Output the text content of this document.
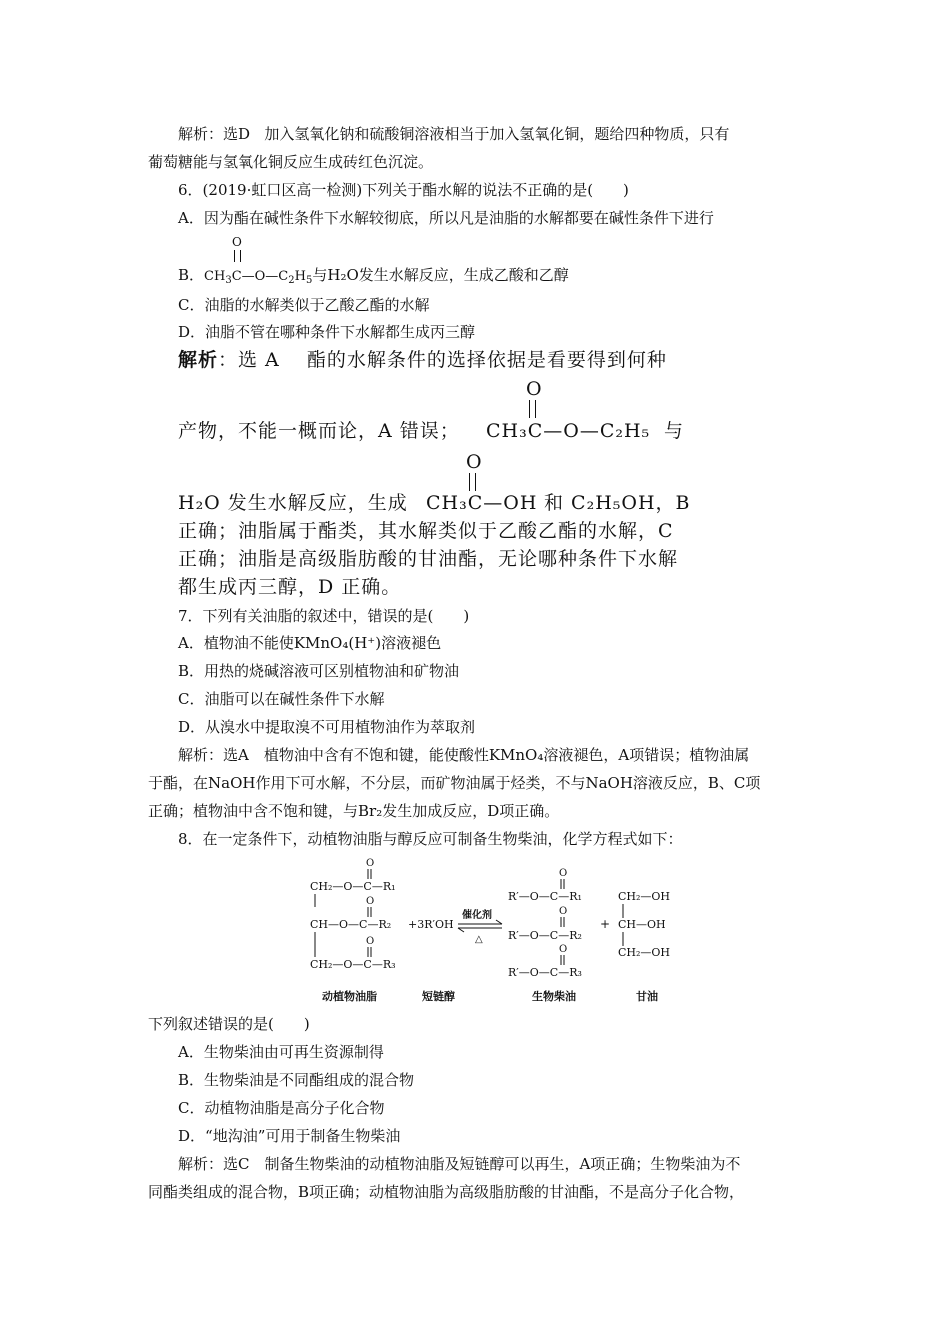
解析：选D 加入氢氧化钠和硫酸铜溶液相当于加入氢氧化铜，题给四种物质，只有
葡萄糖能与氢氧化铜反应生成砖红色沉淀。
6．(2019·虹口区高一检测)下列关于酯水解的说法不正确的是(　　)
A．因为酯在碱性条件下水解较彻底，所以凡是油脂的水解都要在碱性条件下进行
O
B．$CH_3C—O—C_2H_5$与H₂O发生水解反应，生成乙酸和乙醇
C．油脂的水解类似于乙酸乙酯的水解
D．油脂不管在哪种条件下水解都生成丙三醇
解析：选 A　 酯的水解条件的选择依据是看要得到何种
O
产物，不能一概而论，A 错误； CH₃C—O—C₂H₅ 与
O
H₂O 发生水解反应，生成 CH₃C—OH 和 C₂H₅OH，B
正确；油脂属于酯类，其水解类似于乙酸乙酯的水解，C
正确；油脂是高级脂肪酸的甘油酯，无论哪种条件下水解
都生成丙三醇，D 正确。
7．下列有关油脂的叙述中，错误的是(　　)
A．植物油不能使KMnO₄(H⁺)溶液褪色
B．用热的烧碱溶液可区别植物油和矿物油
C．油脂可以在碱性条件下水解
D．从溴水中提取溴不可用植物油作为萃取剂
解析：选A　植物油中含有不饱和键，能使酸性KMnO₄溶液褪色，A项错误；植物油属
于酯，在NaOH作用下可水解，不分层，而矿物油属于烃类，不与NaOH溶液反应，B、C项
正确；植物油中含不饱和键，与Br₂发生加成反应，D项正确。
8．在一定条件下，动植物油脂与醇反应可制备生物柴油，化学方程式如下：
O
CH₂—O—C—R₁
O
CH—O—C—R₂
O
CH₂—O—C—R₃
+3R′OH
催化剂
△
O
R′—O—C—R₁
O
R′—O—C—R₂
O
R′—O—C—R₃
+
CH₂—OH
CH—OH
CH₂—OH
动植物油脂	短链醇	生物柴油	甘油
下列叙述错误的是(　　)
A．生物柴油由可再生资源制得
B．生物柴油是不同酯组成的混合物
C．动植物油脂是高分子化合物
D．“地沟油”可用于制备生物柴油
解析：选C　制备生物柴油的动植物油脂及短链醇可以再生，A项正确；生物柴油为不
同酯类组成的混合物，B项正确；动植物油脂为高级脂肪酸的甘油酯，不是高分子化合物，
